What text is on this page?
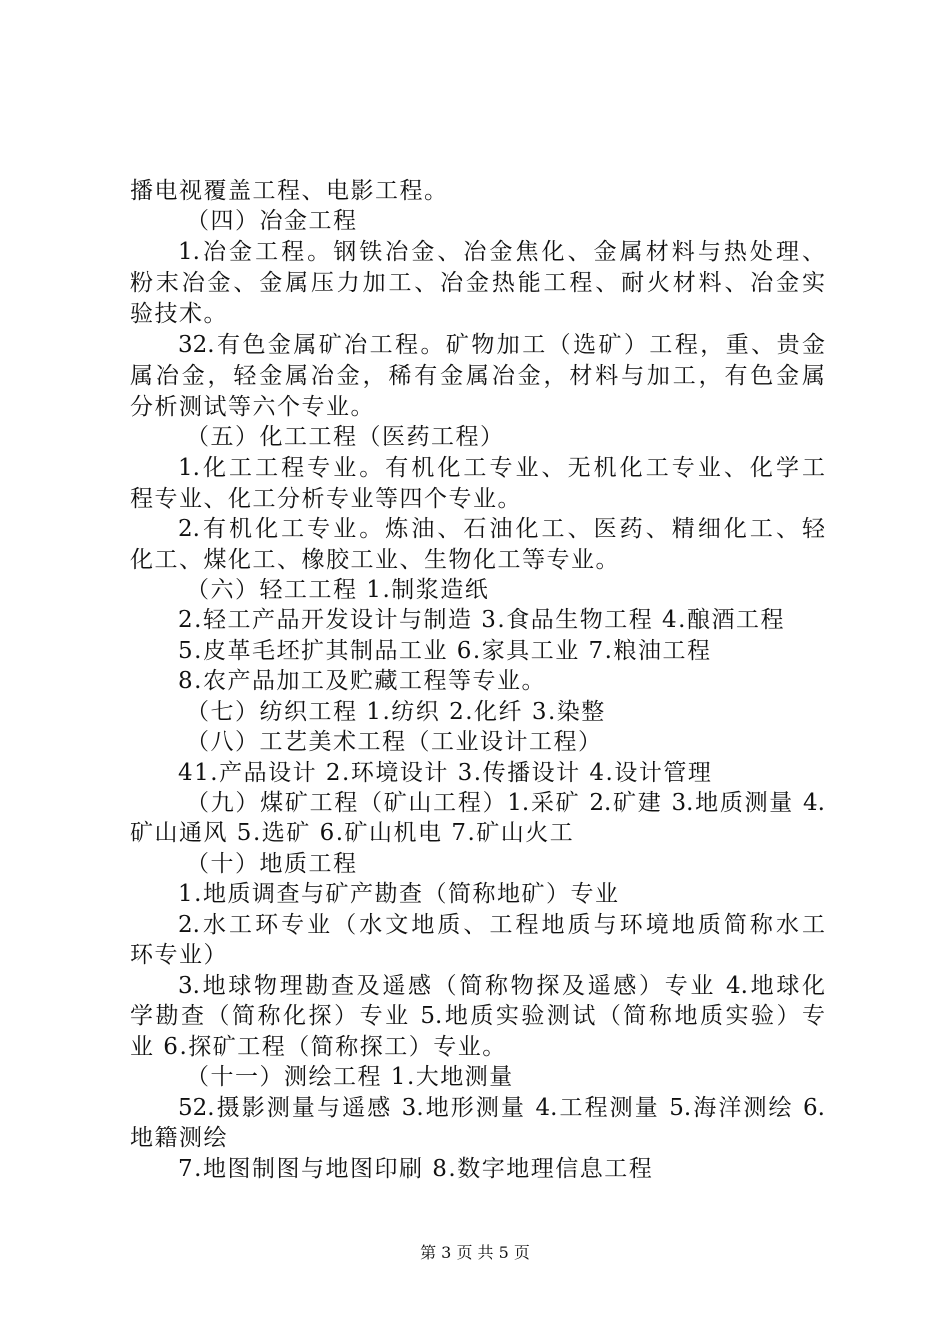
播电视覆盖工程、电影工程。
（四）冶金工程
1.冶金工程。钢铁冶金、冶金焦化、金属材料与热处理、
粉末冶金、金属压力加工、冶金热能工程、耐火材料、冶金实
验技术。
32.有色金属矿冶工程。矿物加工（选矿）工程，重、贵金
属冶金，轻金属冶金，稀有金属冶金，材料与加工，有色金属
分析测试等六个专业。
（五）化工工程（医药工程）
1.化工工程专业。有机化工专业、无机化工专业、化学工
程专业、化工分析专业等四个专业。
2.有机化工专业。炼油、石油化工、医药、精细化工、轻
化工、煤化工、橡胶工业、生物化工等专业。
（六）轻工工程 1.制浆造纸
2.轻工产品开发设计与制造 3.食品生物工程 4.酿酒工程
5.皮革毛坯扩其制品工业 6.家具工业 7.粮油工程
8.农产品加工及贮藏工程等专业。
（七）纺织工程 1.纺织 2.化纤 3.染整
（八）工艺美术工程（工业设计工程）
41.产品设计 2.环境设计 3.传播设计 4.设计管理
（九）煤矿工程（矿山工程）1.采矿 2.矿建 3.地质测量 4.
矿山通风 5.选矿 6.矿山机电 7.矿山火工
（十）地质工程
1.地质调查与矿产勘查（简称地矿）专业
2.水工环专业（水文地质、工程地质与环境地质简称水工
环专业）
3.地球物理勘查及遥感（简称物探及遥感）专业 4.地球化
学勘查（简称化探）专业 5.地质实验测试（简称地质实验）专
业 6.探矿工程（简称探工）专业。
（十一）测绘工程 1.大地测量
52.摄影测量与遥感 3.地形测量 4.工程测量 5.海洋测绘 6.
地籍测绘
7.地图制图与地图印刷 8.数字地理信息工程
第 3 页 共 5 页
